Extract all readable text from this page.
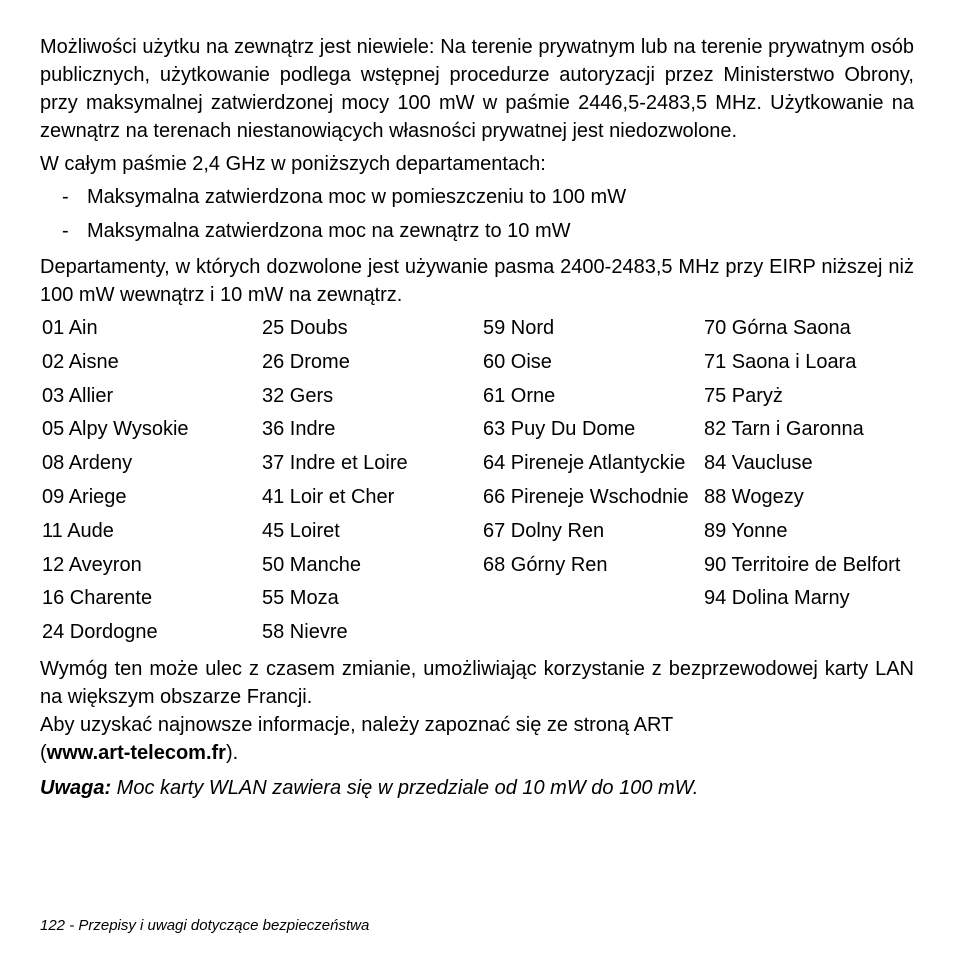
Możliwości użytku na zewnątrz jest niewiele: Na terenie prywatnym lub na terenie prywatnym osób publicznych, użytkowanie podlega wstępnej procedurze autoryzacji przez Ministerstwo Obrony, przy maksymalnej zatwierdzonej mocy 100 mW w paśmie 2446,5-2483,5 MHz. Użytkowanie na zewnątrz na terenach niestanowiących własności prywatnej jest niedozwolone.

W całym paśmie 2,4 GHz w poniższych departamentach:

- Maksymalna zatwierdzona moc w pomieszczeniu to 100 mW
- Maksymalna zatwierdzona moc na zewnątrz to 10 mW

Departamenty, w których dozwolone jest używanie pasma 2400-2483,5 MHz przy EIRP niższej niż 100 mW wewnątrz i 10 mW na zewnątrz.

01 Ain
02 Aisne
03 Allier
05 Alpy Wysokie
08 Ardeny
09 Ariege
11 Aude
12 Aveyron
16 Charente
24 Dordogne
25 Doubs
26 Drome
32 Gers
36 Indre
37 Indre et Loire
41 Loir et Cher
45 Loiret
50 Manche
55 Moza
58 Nievre
59 Nord
60 Oise
61 Orne
63 Puy Du Dome
64 Pireneje Atlantyckie
66 Pireneje Wschodnie
67 Dolny Ren
68 Górny Ren
70 Górna Saona
71 Saona i Loara
75 Paryż
82 Tarn i Garonna
84 Vaucluse
88 Wogezy
89 Yonne
90 Territoire de Belfort
94 Dolina Marny

Wymóg ten może ulec z czasem zmianie, umożliwiając korzystanie z bezprzewodowej karty LAN na większym obszarze Francji.

Aby uzyskać najnowsze informacje, należy zapoznać się ze stroną ART
(www.art-telecom.fr).

Uwaga: Moc karty WLAN zawiera się w przedziale od 10 mW do 100 mW.

122 - Przepisy i uwagi dotyczące bezpieczeństwa
